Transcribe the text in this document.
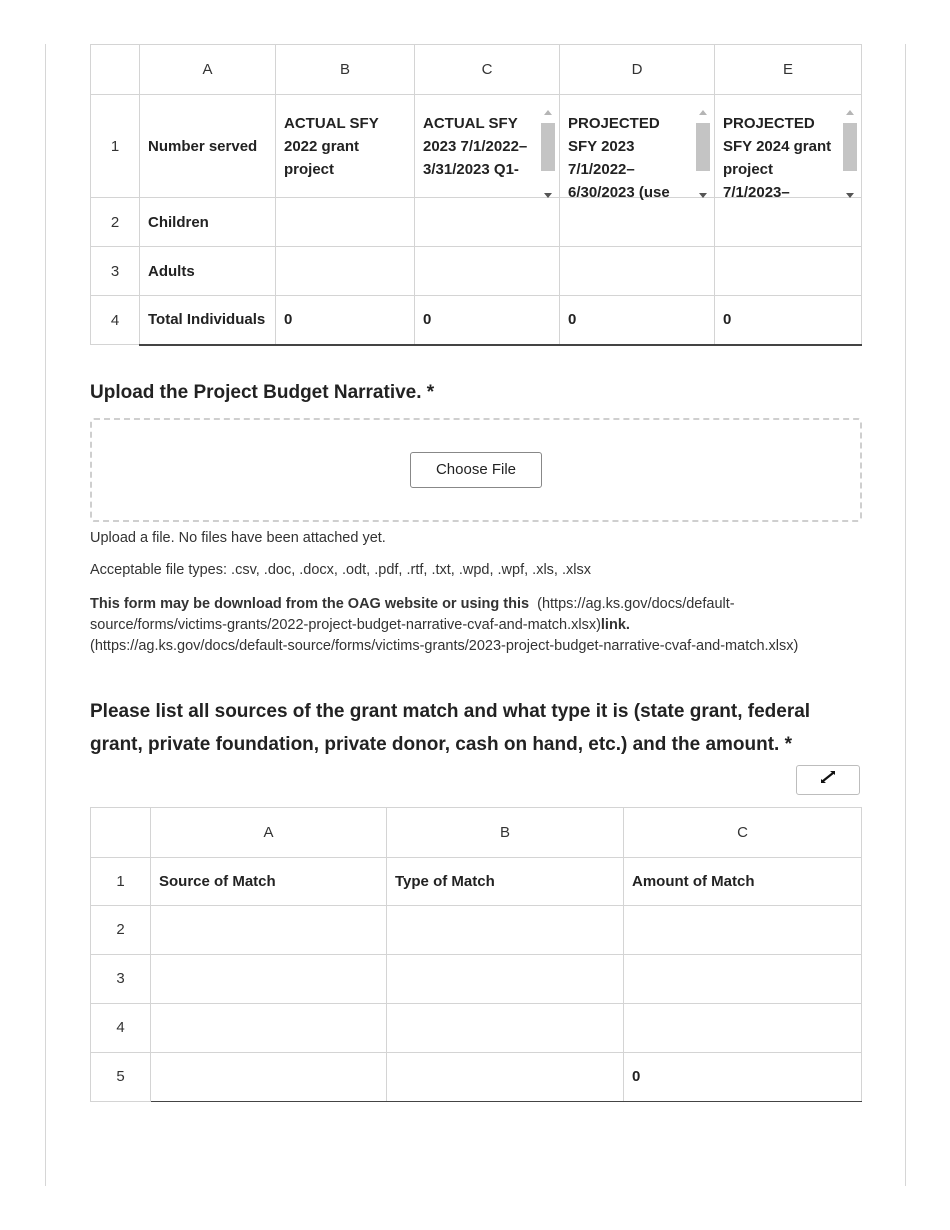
	A	B	C	D	E
1	Number served	ACTUAL SFY 2022 grant project	ACTUAL SFY 2023 7/1/2022– 3/31/2023 Q1-	PROJECTED SFY 2023 7/1/2022– 6/30/2023 (use	PROJECTED SFY 2024 grant project 7/1/2023–

2	Children				
3	Adults				
4	Total Individuals	0	0	0	0
Upload the Project Budget Narrative. *
Choose File
Upload a file. No files have been attached yet.
Acceptable file types: .csv, .doc, .docx, .odt, .pdf, .rtf, .txt, .wpd, .wpf, .xls, .xlsx
This form may be download from the OAG website or using this (https://ag.ks.gov/docs/default-source/forms/victims-grants/2022-project-budget-narrative-cvaf-and-match.xlsx)link.
(https://ag.ks.gov/docs/default-source/forms/victims-grants/2023-project-budget-narrative-cvaf-and-match.xlsx)
Please list all sources of the grant match and what type it is (state grant, federal grant, private foundation, private donor, cash on hand, etc.) and the amount. *
	A	B	C
1	Source of Match	Type of Match	Amount of Match
2			
3			
4			
5			0
